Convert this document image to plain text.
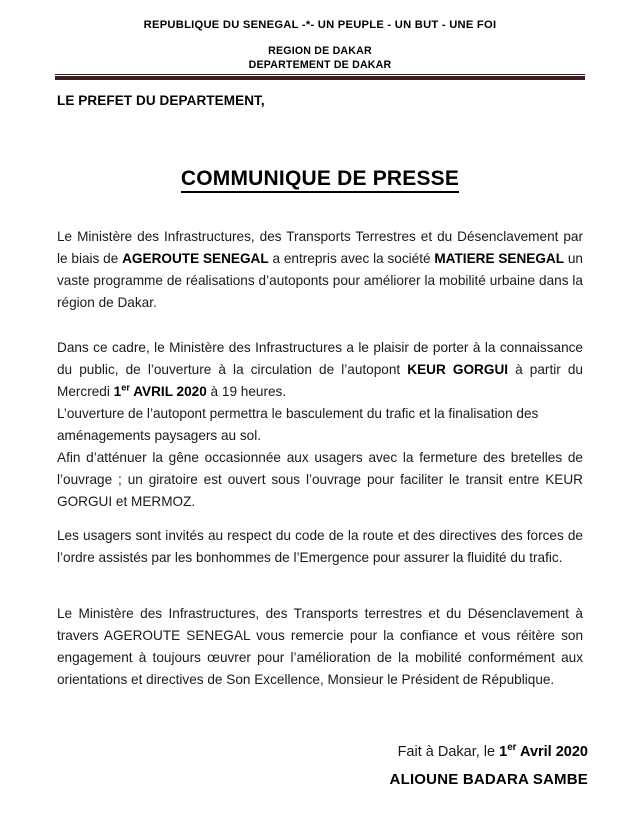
REPUBLIQUE DU SENEGAL -*- UN PEUPLE - UN BUT - UNE FOI
REGION DE DAKAR
DEPARTEMENT DE DAKAR
LE PREFET DU DEPARTEMENT,
COMMUNIQUE DE PRESSE

Le Ministère des Infrastructures, des Transports Terrestres et du Désenclavement par le biais de AGEROUTE SENEGAL a entrepris avec la société MATIERE SENEGAL un vaste programme de réalisations d’autoponts pour améliorer la mobilité urbaine dans la région de Dakar.

Dans ce cadre, le Ministère des Infrastructures a le plaisir de porter à la connaissance du public, de l’ouverture à la circulation de l’autopont KEUR GORGUI à partir du Mercredi 1er AVRIL 2020 à 19 heures.

L’ouverture de l’autopont permettra le basculement du trafic et la finalisation des aménagements paysagers au sol.

Afin d’atténuer la gêne occasionnée aux usagers avec la fermeture des bretelles de l’ouvrage ; un giratoire est ouvert sous l’ouvrage pour faciliter le transit entre KEUR GORGUI et MERMOZ.

Les usagers sont invités au respect du code de la route et des directives des forces de l’ordre assistés par les bonhommes de l’Emergence pour assurer la fluidité du trafic.

Le Ministère des Infrastructures, des Transports terrestres et du Désenclavement à travers AGEROUTE SENEGAL vous remercie pour la confiance et vous réitère son engagement à toujours œuvrer pour l’amélioration de la mobilité conformément aux orientations et directives de Son Excellence, Monsieur le Président de République.

Fait à Dakar, le 1er Avril 2020
ALIOUNE BADARA SAMBE
